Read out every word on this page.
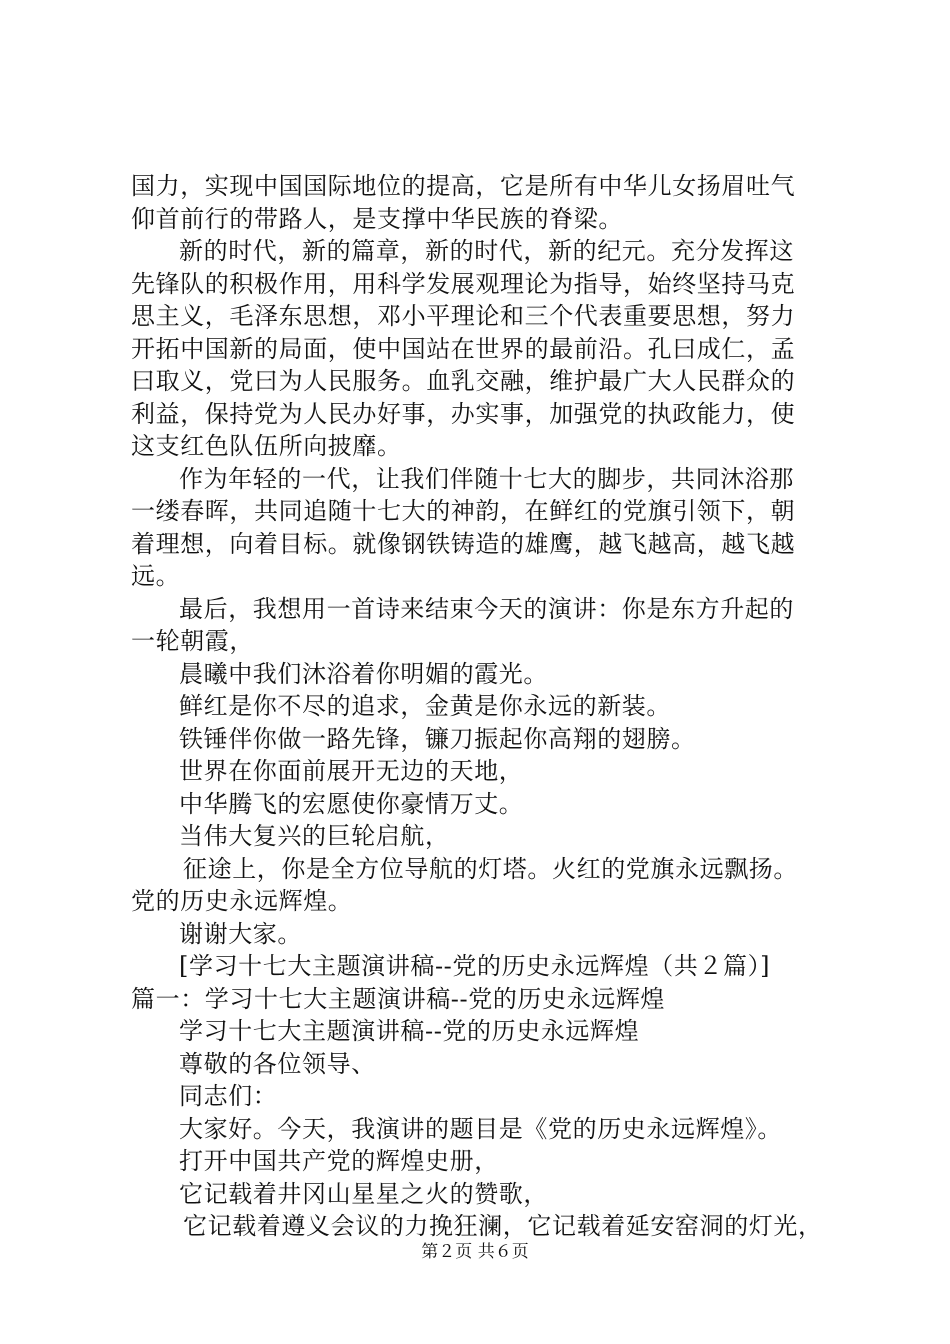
国力，实现中国国际地位的提高，它是所有中华儿女扬眉吐气
仰首前行的带路人，是支撑中华民族的脊梁。
新的时代，新的篇章，新的时代，新的纪元。充分发挥这
先锋队的积极作用，用科学发展观理论为指导，始终坚持马克
思主义，毛泽东思想，邓小平理论和三个代表重要思想，努力
开拓中国新的局面，使中国站在世界的最前沿。孔曰成仁，孟
曰取义，党曰为人民服务。血乳交融，维护最广大人民群众的
利益，保持党为人民办好事，办实事，加强党的执政能力，使
这支红色队伍所向披靡。
作为年轻的一代，让我们伴随十七大的脚步，共同沐浴那
一缕春晖，共同追随十七大的神韵，在鲜红的党旗引领下，朝
着理想，向着目标。就像钢铁铸造的雄鹰，越飞越高，越飞越
远。
最后，我想用一首诗来结束今天的演讲：你是东方升起的
一轮朝霞，
晨曦中我们沐浴着你明媚的霞光。
鲜红是你不尽的追求，金黄是你永远的新装。
铁锤伴你做一路先锋，镰刀振起你高翔的翅膀。
世界在你面前展开无边的天地，
中华腾飞的宏愿使你豪情万丈。
当伟大复兴的巨轮启航，
征途上，你是全方位导航的灯塔。火红的党旗永远飘扬。
党的历史永远辉煌。
谢谢大家。
[学习十七大主题演讲稿--党的历史永远辉煌（共２篇）]
篇一：学习十七大主题演讲稿--党的历史永远辉煌
学习十七大主题演讲稿--党的历史永远辉煌
尊敬的各位领导、
同志们：
大家好。今天，我演讲的题目是《党的历史永远辉煌》。
打开中国共产党的辉煌史册，
它记载着井冈山星星之火的赞歌，
它记载着遵义会议的力挽狂澜，它记载着延安窑洞的灯光，
第２页 共６页
